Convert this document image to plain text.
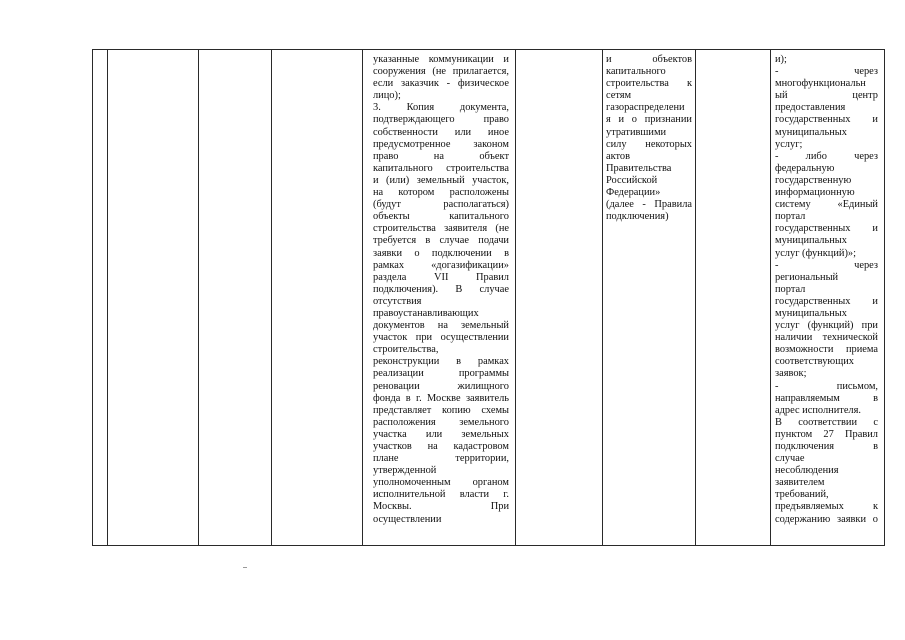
указанные коммуникации и
сооружения (не прилагается,
если заказчик - физическое
лицо);
3. Копия документа,
подтверждающего право
собственности или иное
предусмотренное законом
право на объект
капитального строительства
и (или) земельный участок,
на котором расположены
(будут располагаться)
объекты капитального
строительства заявителя (не
требуется в случае подачи
заявки о подключении в
рамках «догазификации»
раздела VII Правил
подключения). В случае
отсутствия
правоустанавливающих
документов на земельный
участок при осуществлении
строительства,
реконструкции в рамках
реализации программы
реновации жилищного
фонда в г. Москве заявитель
представляет копию схемы
расположения земельного
участка или земельных
участков на кадастровом
плане территории,
утвержденной
уполномоченным органом
исполнительной власти г.
Москвы. При
осуществлении
и объектов
капитального
строительства к
сетям
газораспределени
я и о признании
утратившими
силу некоторых
актов
Правительства
Российской
Федерации»
(далее - Правила
подключения)
и);
- через
многофункциональн
ый центр
предоставления
государственных и
муниципальных
услуг;
- либо через
федеральную
государственную
информационную
систему «Единый
портал
государственных и
муниципальных
услуг (функций)»;
- через
региональный
портал
государственных и
муниципальных
услуг (функций) при
наличии технической
возможности приема
соответствующих
заявок;
- письмом,
направляемым в
адрес исполнителя.
В соответствии с
пунктом 27 Правил
подключения в
случае
несоблюдения
заявителем
требований,
предъявляемых к
содержанию заявки о
